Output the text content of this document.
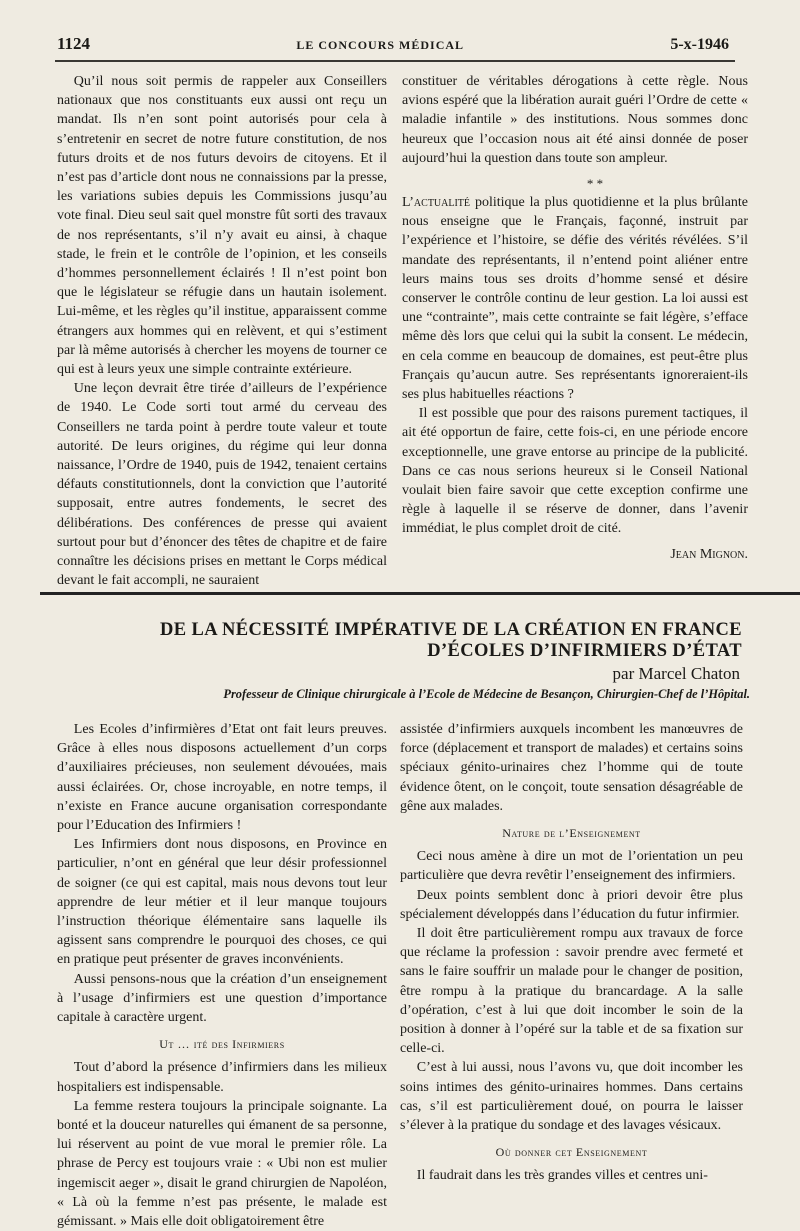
1124	LE CONCOURS MÉDICAL	5-x-1946

Qu’il nous soit permis de rappeler aux Conseillers nationaux que nos constituants eux aussi ont reçu un mandat. Ils n’en sont point autorisés pour cela à s’entretenir en secret de notre future constitution, de nos futurs droits et de nos futurs devoirs de citoyens. Et il n’est pas d’article dont nous ne connaissions par la presse, les variations subies depuis les Commissions jusqu’au vote final. Dieu seul sait quel monstre fût sorti des travaux de nos représentants, s’il n’y avait eu ainsi, à chaque stade, le frein et le contrôle de l’opinion, et les conseils d’hommes personnellement éclairés ! Il n’est point bon que le législateur se réfugie dans un hautain isolement. Lui-même, et les règles qu’il institue, apparaissent comme étrangers aux hommes qui en relèvent, et qui s’estiment par là même autorisés à chercher les moyens de tourner ce qui est à leurs yeux une simple contrainte extérieure.

Une leçon devrait être tirée d’ailleurs de l’expérience de 1940. Le Code sorti tout armé du cerveau des Conseillers ne tarda point à perdre toute valeur et toute autorité. De leurs origines, du régime qui leur donna naissance, l’Ordre de 1940, puis de 1942, tenaient certains défauts constitutionnels, dont la conviction que l’autorité supposait, entre autres fondements, le secret des délibérations. Des conférences de presse qui avaient surtout pour but d’énoncer des têtes de chapitre et de faire connaître les décisions prises en mettant le Corps médical devant le fait accompli, ne sauraient

constituer de véritables dérogations à cette règle. Nous avions espéré que la libération aurait guéri l’Ordre de cette « maladie infantile » des institutions. Nous sommes donc heureux que l’occasion nous ait été ainsi donnée de poser aujourd’hui la question dans toute son ampleur.

* *

L’actualité politique la plus quotidienne et la plus brûlante nous enseigne que le Français, façonné, instruit par l’expérience et l’histoire, se défie des vérités révélées. S’il mandate des représentants, il n’entend point aliéner entre leurs mains tous ses droits d’homme sensé et désire conserver le contrôle continu de leur gestion. La loi aussi est une “contrainte”, mais cette contrainte se fait légère, s’efface même dès lors que celui qui la subit la consent. Le médecin, en cela comme en beaucoup de domaines, est peut-être plus Français qu’aucun autre. Ses représentants ignoreraient-ils ses plus habituelles réactions ?

Il est possible que pour des raisons purement tactiques, il ait été opportun de faire, cette fois-ci, en une période encore exceptionnelle, une grave entorse au principe de la publicité. Dans ce cas nous serions heureux si le Conseil National voulait bien faire savoir que cette exception confirme une règle à laquelle il se réserve de donner, dans l’avenir immédiat, le plus complet droit de cité.

Jean Mignon.
DE LA NÉCESSITÉ IMPÉRATIVE DE LA CRÉATION EN FRANCE
D’ÉCOLES D’INFIRMIERS D’ÉTAT
par Marcel Chaton
Professeur de Clinique chirurgicale à l’Ecole de Médecine de Besançon, Chirurgien-Chef de l’Hôpital.

Les Ecoles d’infirmières d’Etat ont fait leurs preuves. Grâce à elles nous disposons actuellement d’un corps d’auxiliaires précieuses, non seulement dévouées, mais aussi éclairées. Or, chose incroyable, en notre temps, il n’existe en France aucune organisation correspondante pour l’Education des Infirmiers !

Les Infirmiers dont nous disposons, en Province en particulier, n’ont en général que leur désir professionnel de soigner (ce qui est capital, mais nous devons tout leur apprendre de leur métier et il leur manque toujours l’instruction théorique élémentaire sans laquelle ils agissent sans comprendre le pourquoi des choses, ce qui en pratique peut présenter de graves inconvénients.

Aussi pensons-nous que la création d’un enseignement à l’usage d’infirmiers est une question d’importance capitale à caractère urgent.

Ut … ité des Infirmiers

Tout d’abord la présence d’infirmiers dans les milieux hospitaliers est indispensable.

La femme restera toujours la principale soignante. La bonté et la douceur naturelles qui émanent de sa personne, lui réservent au point de vue moral le premier rôle. La phrase de Percy est toujours vraie : « Ubi non est mulier ingemiscit aeger », disait le grand chirurgien de Napoléon, « Là où la femme n’est pas présente, le malade est gémissant. » Mais elle doit obligatoirement être

assistée d’infirmiers auxquels incombent les manœuvres de force (déplacement et transport de malades) et certains soins spéciaux génito-urinaires chez l’homme qui de toute évidence ôtent, on le conçoit, toute sensation désagréable de gêne aux malades.

Nature de l’Enseignement

Ceci nous amène à dire un mot de l’orientation un peu particulière que devra revêtir l’enseignement des infirmiers.

Deux points semblent donc à priori devoir être plus spécialement développés dans l’éducation du futur infirmier.

Il doit être particulièrement rompu aux travaux de force que réclame la profession : savoir prendre avec fermeté et sans le faire souffrir un malade pour le changer de position, être rompu à la pratique du brancardage. A la salle d’opération, c’est à lui que doit incomber le soin de la position à donner à l’opéré sur la table et de sa fixation sur celle-ci.

C’est à lui aussi, nous l’avons vu, que doit incomber les soins intimes des génito-urinaires hommes. Dans certains cas, s’il est particulièrement doué, on pourra le laisser s’élever à la pratique du sondage et des lavages vésicaux.

Où donner cet Enseignement

Il faudrait dans les très grandes villes et centres uni-
